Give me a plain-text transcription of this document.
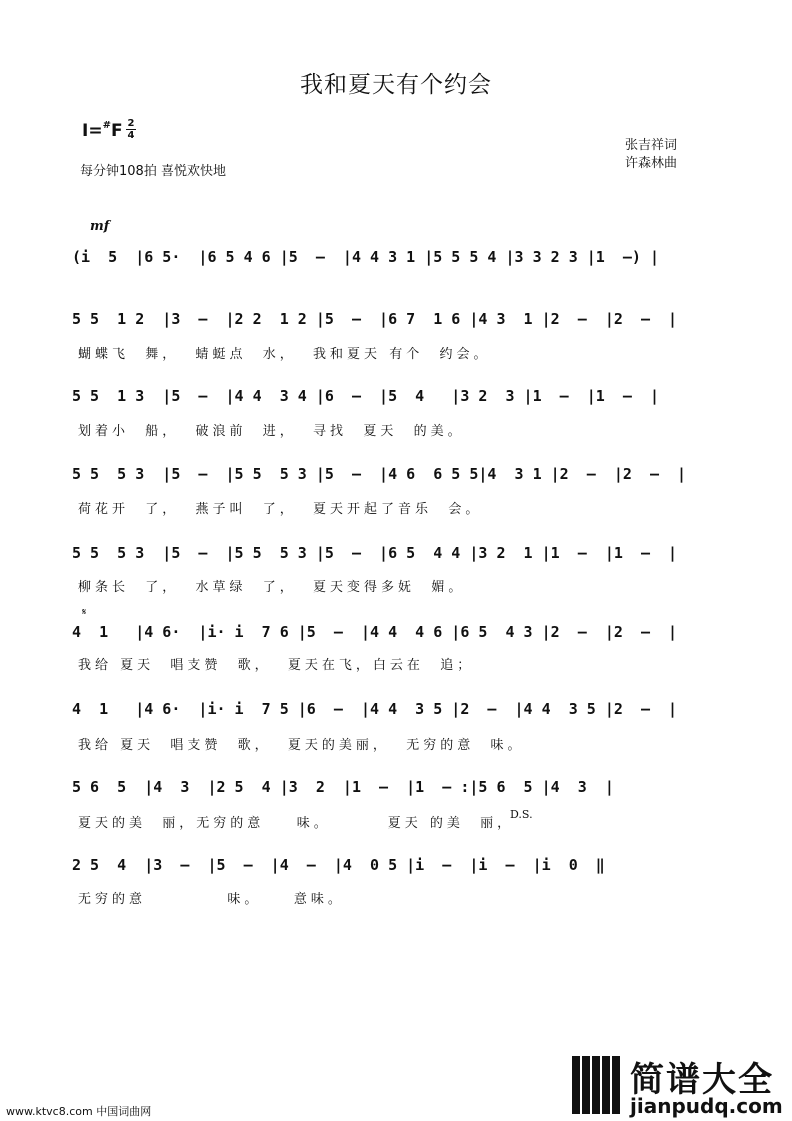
我和夏天有个约会
I=#F 2
4
每分钟108拍 喜悦欢快地
张吉祥词
许森林曲
mf
(i  5  |6 5·  |6 5 4 6 |5  –  |4 4 3 1 |5 5 5 4 |3 3 2 3 |1  –) |
5 5  1 2  |3  –  |2 2  1 2 |5  –  |6 7  1 6 |4 3  1 |2  –  |2  –  |
蝴蝶飞  舞，  蜻蜓点  水，  我和夏天 有个  约会。
5 5  1 3  |5  –  |4 4  3 4 |6  –  |5  4   |3 2  3 |1  –  |1  –  |
划着小  船，  破浪前  进，  寻找  夏天  的美。
5 5  5 3  |5  –  |5 5  5 3 |5  –  |4 6  6 5 5|4  3 1 |2  –  |2  –  |
荷花开  了，  燕子叫  了，  夏天开起了音乐  会。
5 5  5 3  |5  –  |5 5  5 3 |5  –  |6 5  4 4 |3 2  1 |1  –  |1  –  |
柳条长  了，  水草绿  了，  夏天变得多妩  媚。
𝄋
4  1   |4 6·  |i· i  7 6 |5  –  |4 4  4 6 |6 5  4 3 |2  –  |2  –  |
我给 夏天  唱支赞  歌，  夏天在飞，白云在  追；
4  1   |4 6·  |i· i  7 5 |6  –  |4 4  3 5 |2  –  |4 4  3 5 |2  –  |
我给 夏天  唱支赞  歌，  夏天的美丽，  无穷的意  味。
5 6  5  |4  3  |2 5  4 |3  2  |1  –  |1  – :|5 6  5 |4  3  |
夏天的美  丽，无穷的意    味。       夏天 的美  丽，
D.S.
2 5  4  |3  –  |5  –  |4  –  |4  0 5 |i  –  |i  –  |i  0  ‖
无穷的意          味。    意味。
www.ktvc8.com 中国词曲网
简谱大全
jianpudq.com
